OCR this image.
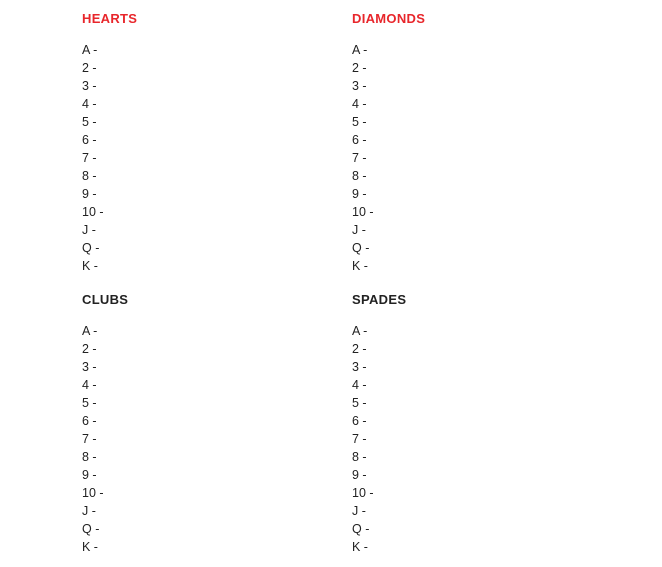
HEARTS
A -
2 -
3 -
4 -
5 -
6 -
7 -
8 -
9 -
10 -
J -
Q -
K -
DIAMONDS
A -
2 -
3 -
4 -
5 -
6 -
7 -
8 -
9 -
10 -
J -
Q -
K -
CLUBS
A -
2 -
3 -
4 -
5 -
6 -
7 -
8 -
9 -
10 -
J -
Q -
K -
SPADES
A -
2 -
3 -
4 -
5 -
6 -
7 -
8 -
9 -
10 -
J -
Q -
K -
